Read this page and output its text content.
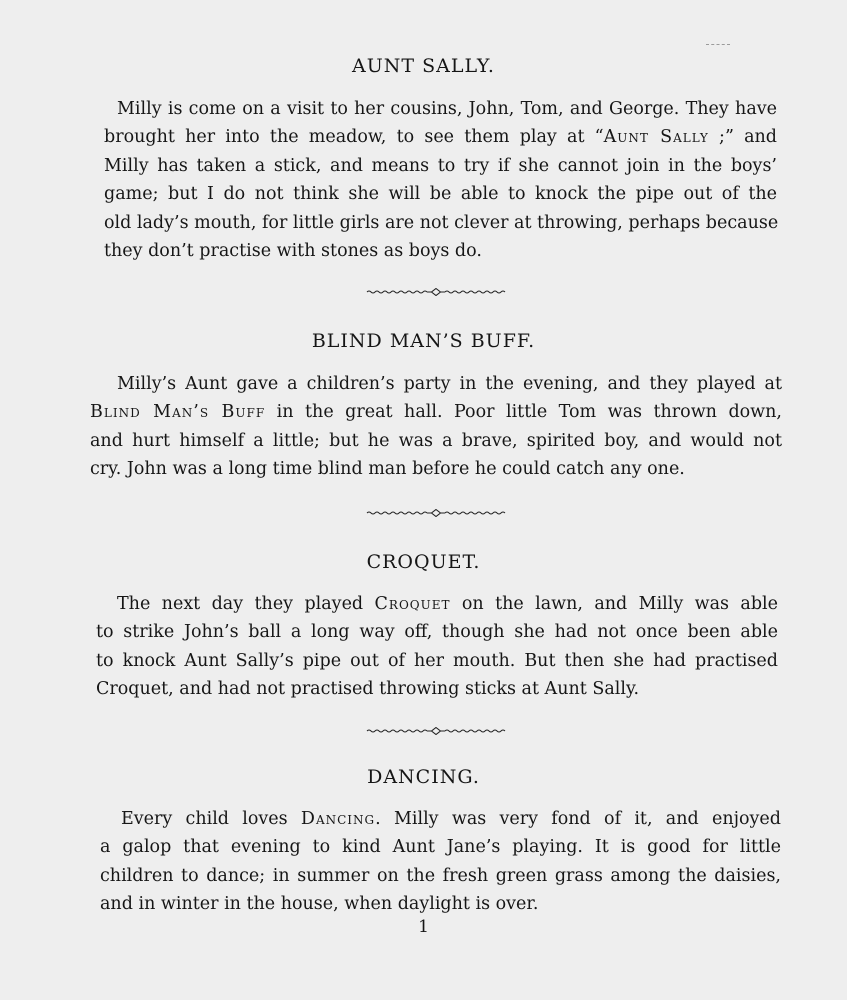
AUNT SALLY.
Milly is come on a visit to her cousins, John, Tom, and George. They have
brought her into the meadow, to see them play at “Aunt Sally ;” and
Milly has taken a stick, and means to try if she cannot join in the boys’
game; but I do not think she will be able to knock the pipe out of the
old lady’s mouth, for little girls are not clever at throwing, perhaps because
they don’t practise with stones as boys do.
BLIND MAN’S BUFF.
Milly’s Aunt gave a children’s party in the evening, and they played at
Blind Man’s Buff in the great hall. Poor little Tom was thrown down,
and hurt himself a little; but he was a brave, spirited boy, and would not
cry. John was a long time blind man before he could catch any one.
CROQUET.
The next day they played Croquet on the lawn, and Milly was able
to strike John’s ball a long way off, though she had not once been able
to knock Aunt Sally’s pipe out of her mouth. But then she had practised
Croquet, and had not practised throwing sticks at Aunt Sally.
DANCING.
Every child loves Dancing. Milly was very fond of it, and enjoyed
a galop that evening to kind Aunt Jane’s playing. It is good for little
children to dance; in summer on the fresh green grass among the daisies,
and in winter in the house, when daylight is over.
1
